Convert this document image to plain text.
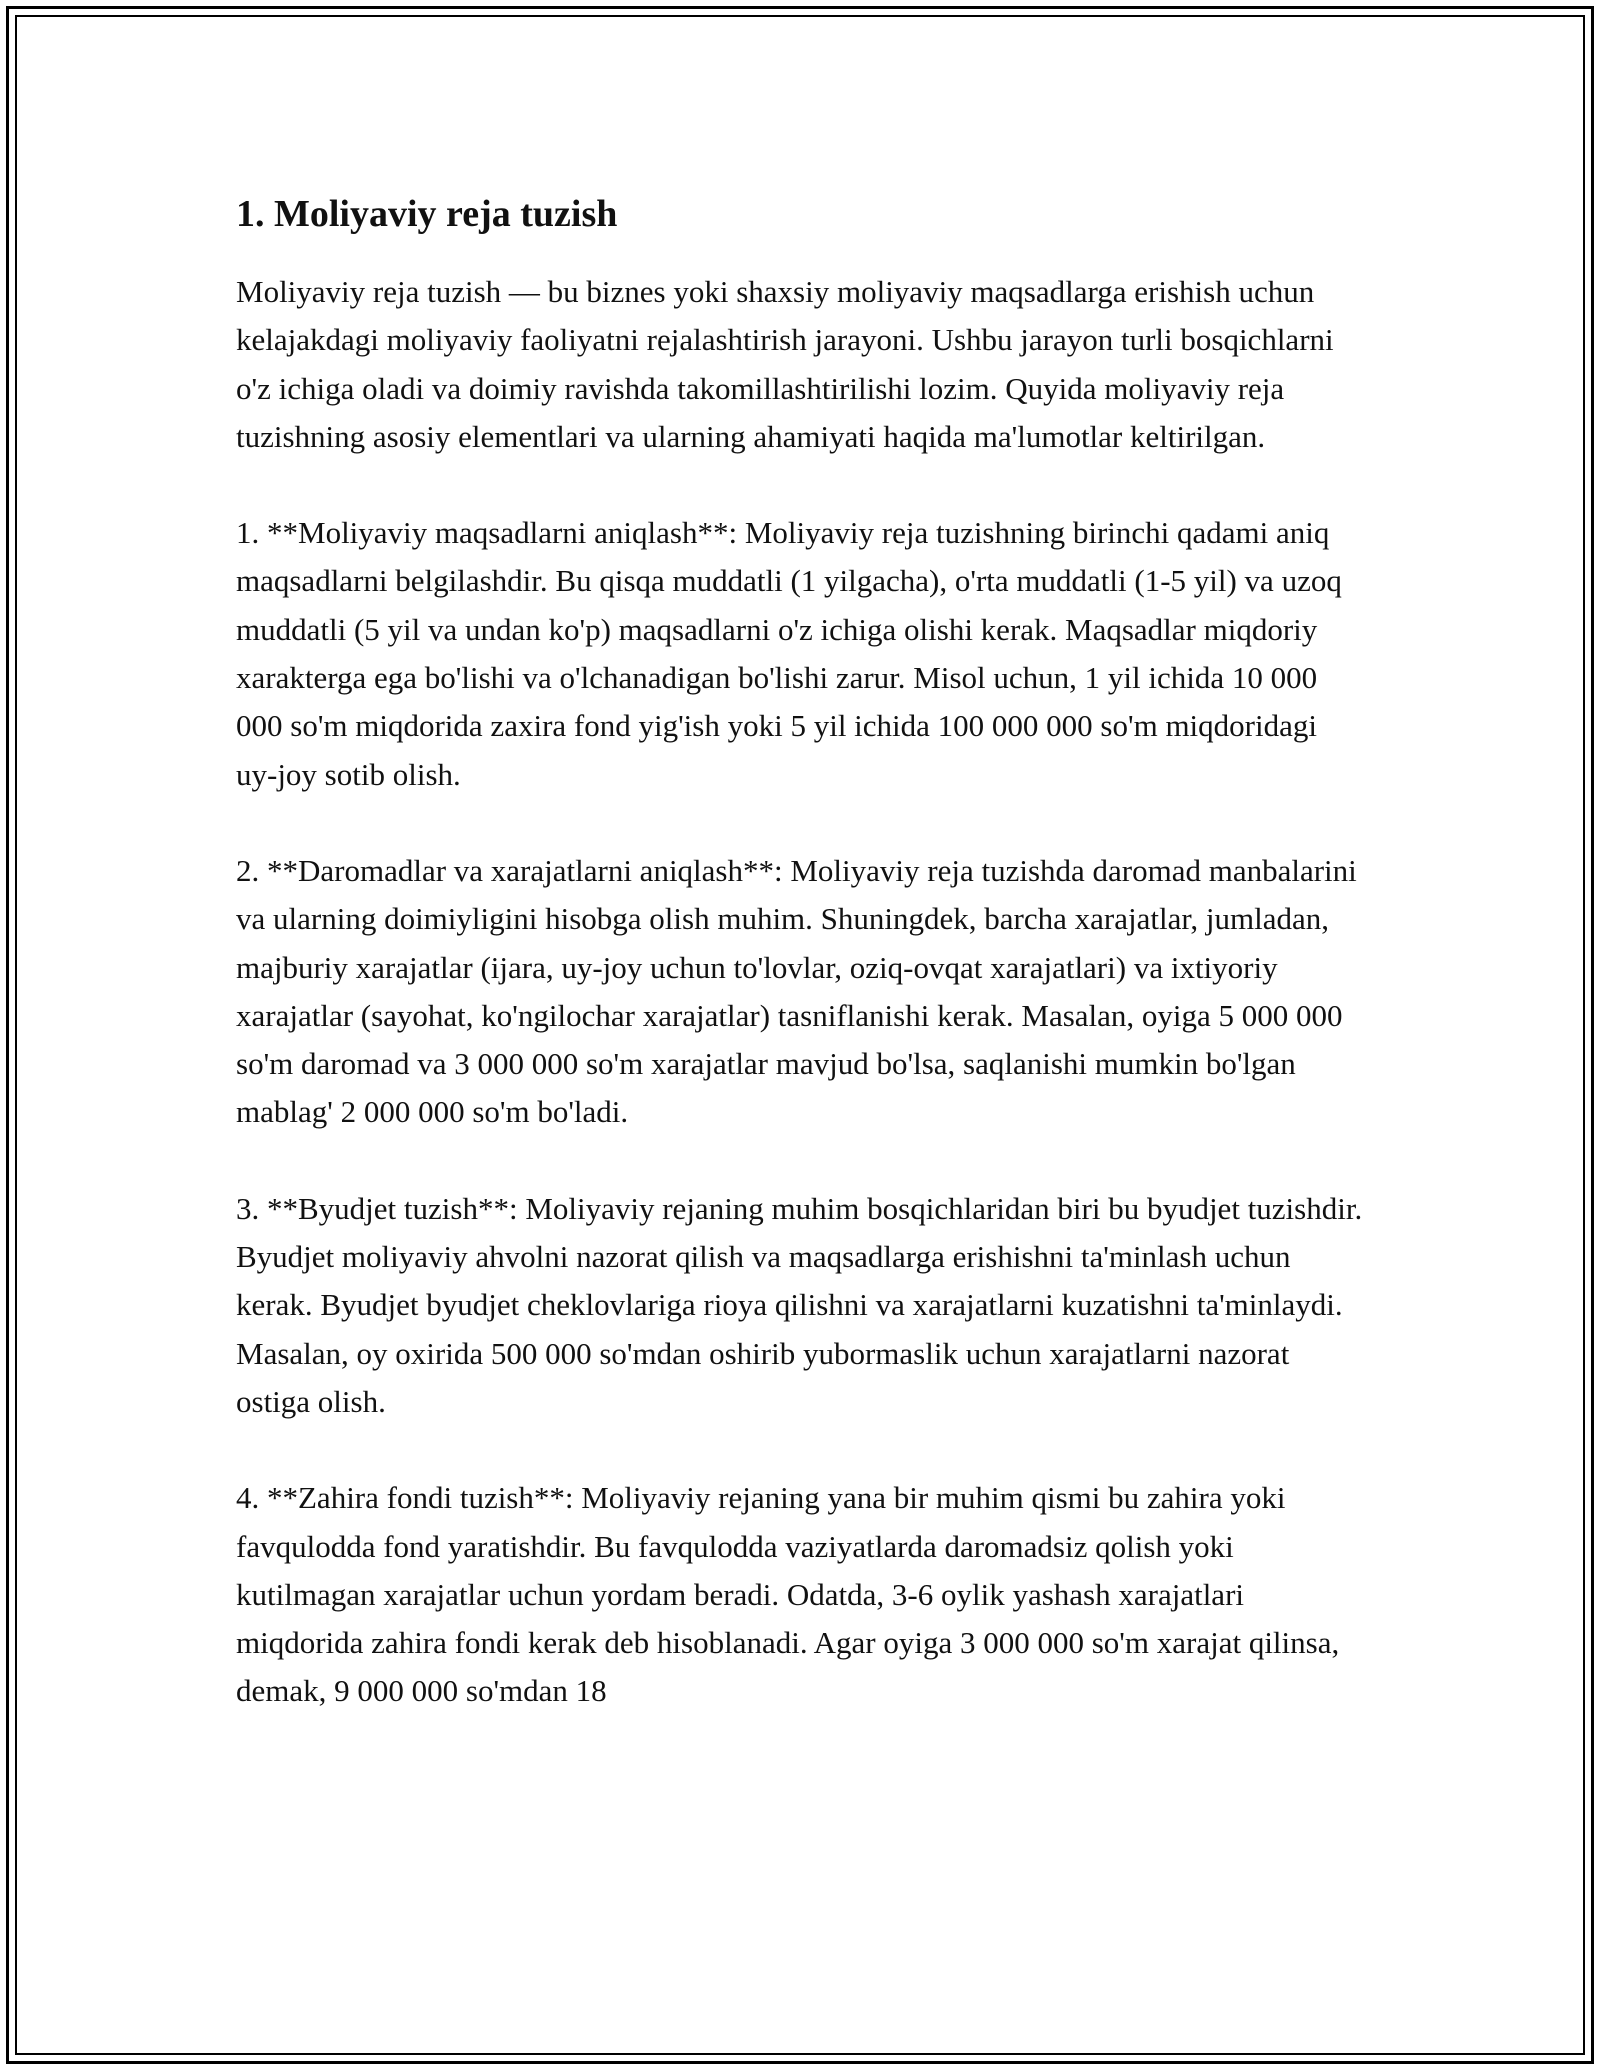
1. Moliyaviy reja tuzish

Moliyaviy reja tuzish — bu biznes yoki shaxsiy moliyaviy maqsadlarga erishish uchun kelajakdagi moliyaviy faoliyatni rejalashtirish jarayoni. Ushbu jarayon turli bosqichlarni o'z ichiga oladi va doimiy ravishda takomillashtirilishi lozim. Quyida moliyaviy reja tuzishning asosiy elementlari va ularning ahamiyati haqida ma'lumotlar keltirilgan.

1. **Moliyaviy maqsadlarni aniqlash**: Moliyaviy reja tuzishning birinchi qadami aniq maqsadlarni belgilashdir. Bu qisqa muddatli (1 yilgacha), o'rta muddatli (1-5 yil) va uzoq muddatli (5 yil va undan ko'p) maqsadlarni o'z ichiga olishi kerak. Maqsadlar miqdoriy xarakterga ega bo'lishi va o'lchanadigan bo'lishi zarur. Misol uchun, 1 yil ichida 10 000 000 so'm miqdorida zaxira fond yig'ish yoki 5 yil ichida 100 000 000 so'm miqdoridagi uy-joy sotib olish.

2. **Daromadlar va xarajatlarni aniqlash**: Moliyaviy reja tuzishda daromad manbalarini va ularning doimiyligini hisobga olish muhim. Shuningdek, barcha xarajatlar, jumladan, majburiy xarajatlar (ijara, uy-joy uchun to'lovlar, oziq-ovqat xarajatlari) va ixtiyoriy xarajatlar (sayohat, ko'ngilochar xarajatlar) tasniflanishi kerak. Masalan, oyiga 5 000 000 so'm daromad va 3 000 000 so'm xarajatlar mavjud bo'lsa, saqlanishi mumkin bo'lgan mablag' 2 000 000 so'm bo'ladi.

3. **Byudjet tuzish**: Moliyaviy rejaning muhim bosqichlaridan biri bu byudjet tuzishdir. Byudjet moliyaviy ahvolni nazorat qilish va maqsadlarga erishishni ta'minlash uchun kerak. Byudjet byudjet cheklovlariga rioya qilishni va xarajatlarni kuzatishni ta'minlaydi. Masalan, oy oxirida 500 000 so'mdan oshirib yubormaslik uchun xarajatlarni nazorat ostiga olish.

4. **Zahira fondi tuzish**: Moliyaviy rejaning yana bir muhim qismi bu zahira yoki favqulodda fond yaratishdir. Bu favqulodda vaziyatlarda daromadsiz qolish yoki kutilmagan xarajatlar uchun yordam beradi. Odatda, 3-6 oylik yashash xarajatlari miqdorida zahira fondi kerak deb hisoblanadi. Agar oyiga 3 000 000 so'm xarajat qilinsa, demak, 9 000 000 so'mdan 18
